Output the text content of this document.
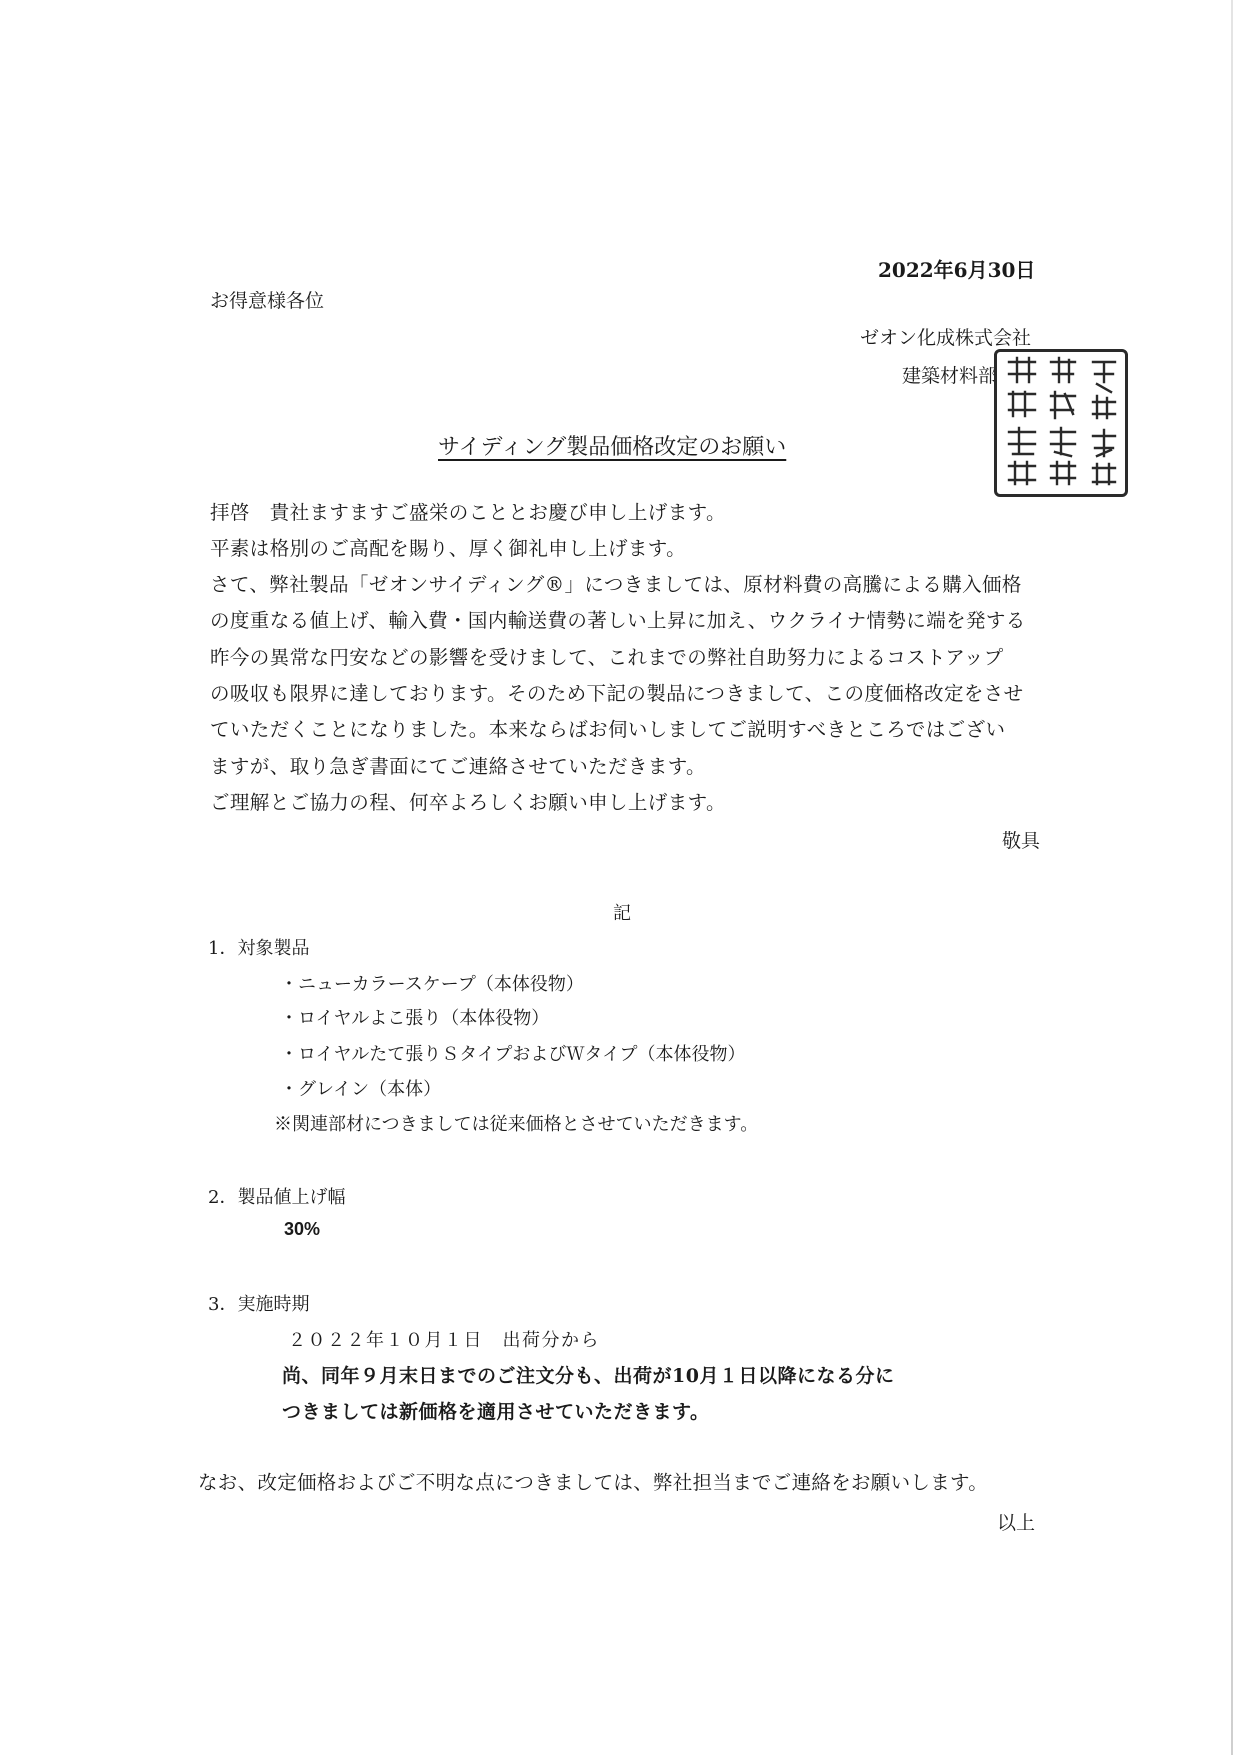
2022年6月30日
お得意様各位
ゼオン化成株式会社
建築材料部
サイディング製品価格改定のお願い
拝啓　貴社ますますご盛栄のこととお慶び申し上げます。
平素は格別のご高配を賜り、厚く御礼申し上げます。
さて、弊社製品「ゼオンサイディング®」につきましては、原材料費の高騰による購入価格
の度重なる値上げ、輸入費・国内輸送費の著しい上昇に加え、ウクライナ情勢に端を発する
昨今の異常な円安などの影響を受けまして、これまでの弊社自助努力によるコストアップ
の吸収も限界に達しております。そのため下記の製品につきまして、この度価格改定をさせ
ていただくことになりました。本来ならばお伺いしましてご説明すべきところではござい
ますが、取り急ぎ書面にてご連絡させていただきます。
ご理解とご協力の程、何卒よろしくお願い申し上げます。
敬具
記
1．対象製品
・ニューカラースケープ（本体役物）
・ロイヤルよこ張り（本体役物）
・ロイヤルたて張りＳタイプおよびＷタイプ（本体役物）
・グレイン（本体）
※関連部材につきましては従来価格とさせていただきます。
2．製品値上げ幅
30%
3．実施時期
２０２２年１０月１日　出荷分から
尚、同年９月末日までのご注文分も、出荷が10月１日以降になる分に
つきましては新価格を適用させていただきます。
なお、改定価格およびご不明な点につきましては、弊社担当までご連絡をお願いします。
以上
